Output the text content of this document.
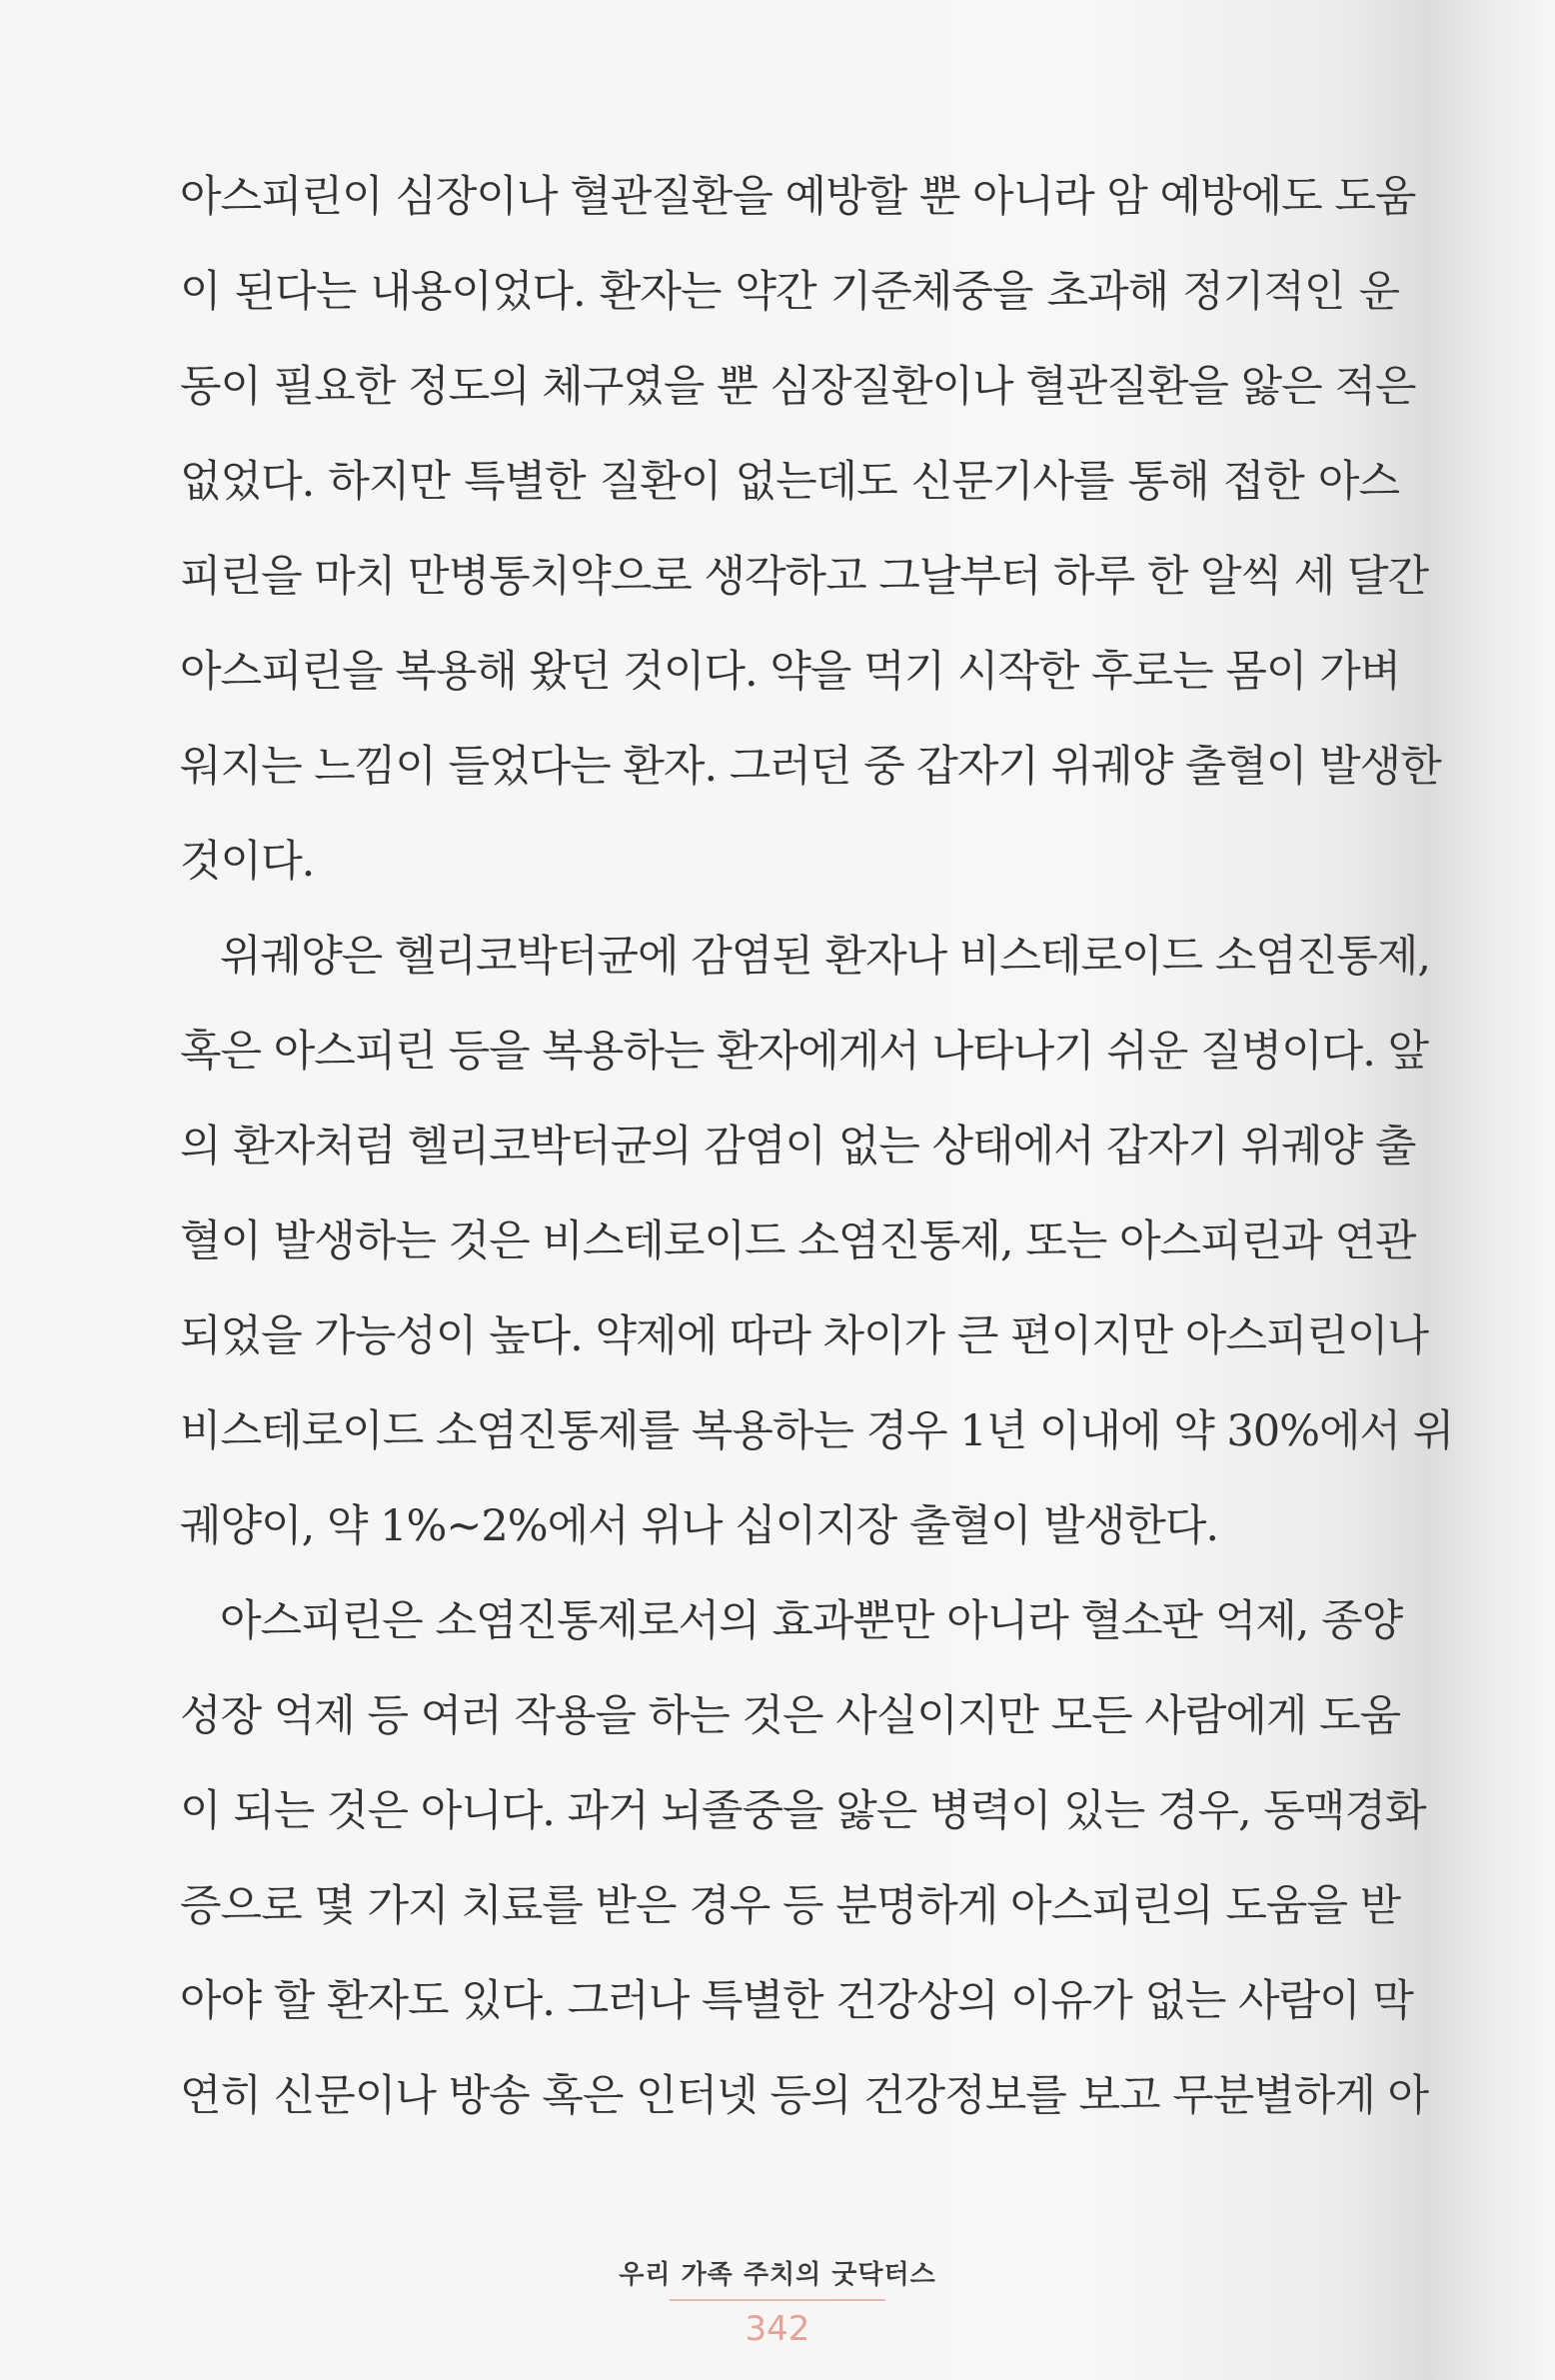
아스피린이 심장이나 혈관질환을 예방할 뿐 아니라 암 예방에도 도움
이 된다는 내용이었다. 환자는 약간 기준체중을 초과해 정기적인 운
동이 필요한 정도의 체구였을 뿐 심장질환이나 혈관질환을 앓은 적은
없었다. 하지만 특별한 질환이 없는데도 신문기사를 통해 접한 아스
피린을 마치 만병통치약으로 생각하고 그날부터 하루 한 알씩 세 달간
아스피린을 복용해 왔던 것이다. 약을 먹기 시작한 후로는 몸이 가벼
워지는 느낌이 들었다는 환자. 그러던 중 갑자기 위궤양 출혈이 발생한
것이다.
위궤양은 헬리코박터균에 감염된 환자나 비스테로이드 소염진통제,
혹은 아스피린 등을 복용하는 환자에게서 나타나기 쉬운 질병이다. 앞
의 환자처럼 헬리코박터균의 감염이 없는 상태에서 갑자기 위궤양 출
혈이 발생하는 것은 비스테로이드 소염진통제, 또는 아스피린과 연관
되었을 가능성이 높다. 약제에 따라 차이가 큰 편이지만 아스피린이나
비스테로이드 소염진통제를 복용하는 경우 1년 이내에 약 30%에서 위
궤양이, 약 1%~2%에서 위나 십이지장 출혈이 발생한다.
아스피린은 소염진통제로서의 효과뿐만 아니라 혈소판 억제, 종양
성장 억제 등 여러 작용을 하는 것은 사실이지만 모든 사람에게 도움
이 되는 것은 아니다. 과거 뇌졸중을 앓은 병력이 있는 경우, 동맥경화
증으로 몇 가지 치료를 받은 경우 등 분명하게 아스피린의 도움을 받
아야 할 환자도 있다. 그러나 특별한 건강상의 이유가 없는 사람이 막
연히 신문이나 방송 혹은 인터넷 등의 건강정보를 보고 무분별하게 아
우리 가족 주치의 굿닥터스
342
